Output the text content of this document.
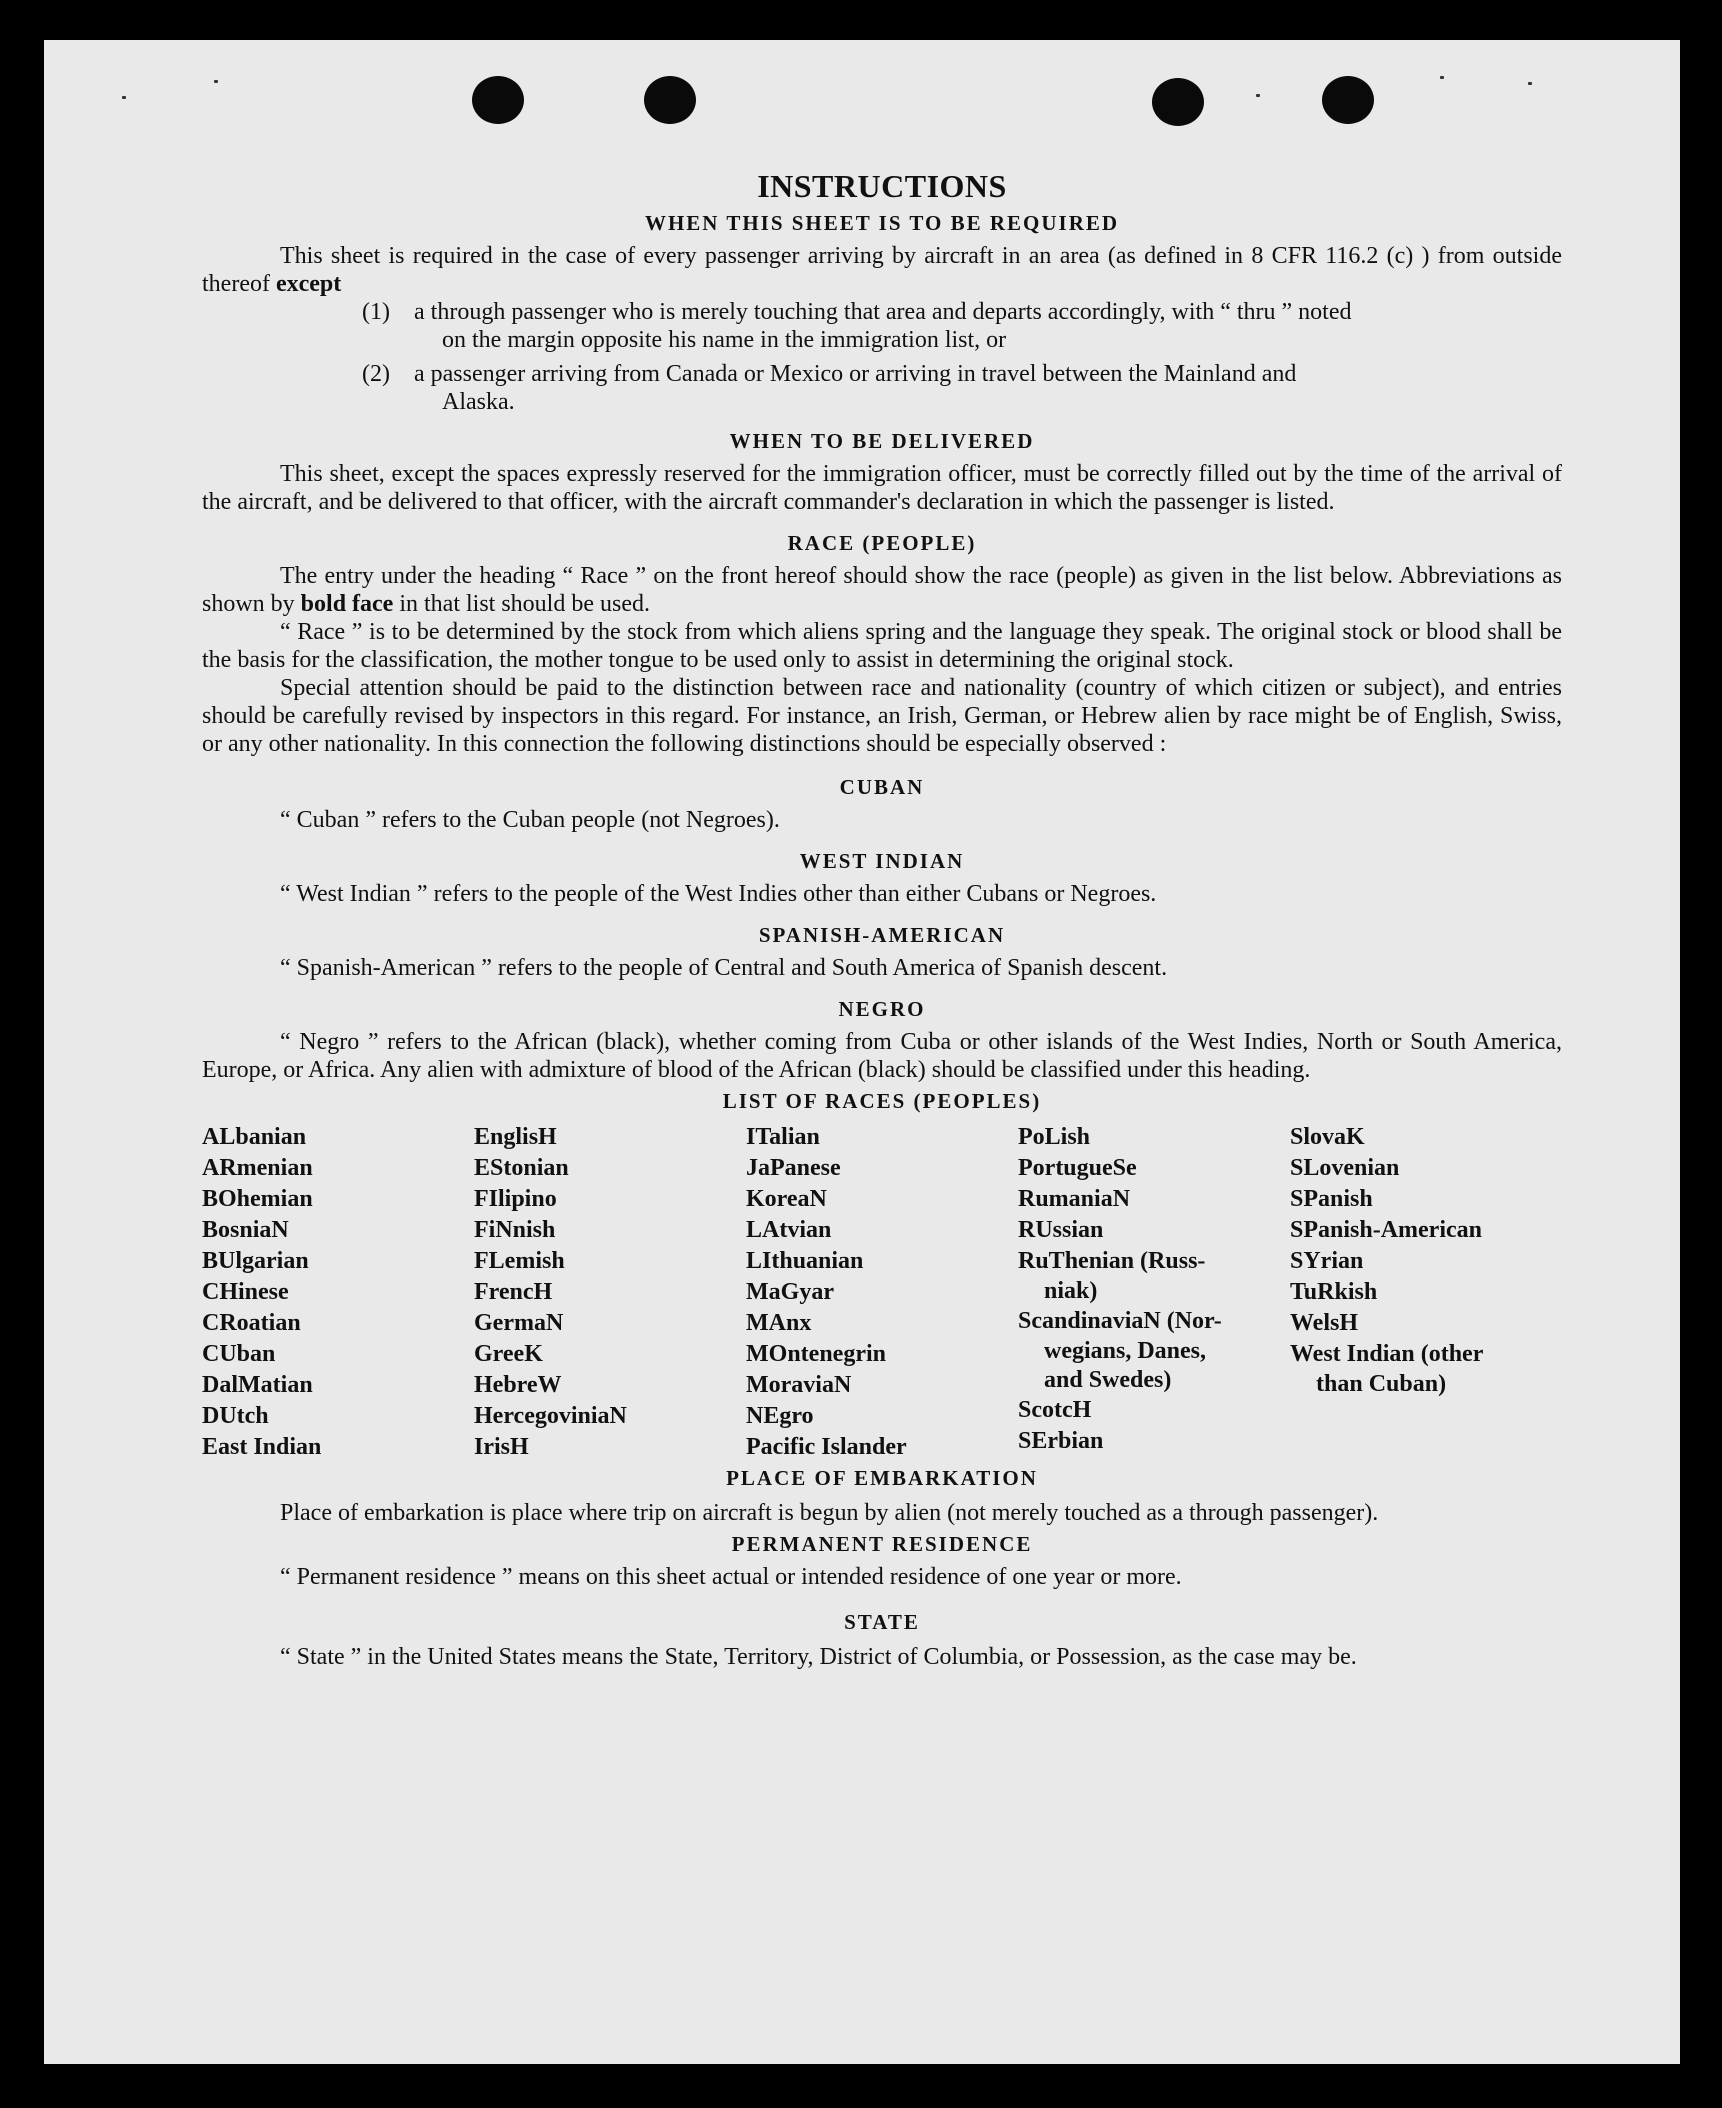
INSTRUCTIONS
WHEN THIS SHEET IS TO BE REQUIRED

This sheet is required in the case of every passenger arriving by aircraft in an area (as defined in 8 CFR 116.2 (c) ) from outside thereof except

(1)	a through passenger who is merely touching that area and departs accordingly, with “ thru ” noted
on the margin opposite his name in the immigration list, or
(2)	a passenger arriving from Canada or Mexico or arriving in travel between the Mainland and
Alaska.
WHEN TO BE DELIVERED

This sheet, except the spaces expressly reserved for the immigration officer, must be correctly filled out by the time of the arrival of the aircraft, and be delivered to that officer, with the aircraft commander's declaration in which the passenger is listed.

RACE (PEOPLE)

The entry under the heading “ Race ” on the front hereof should show the race (people) as given in the list below. Abbreviations as shown by bold face in that list should be used.

“ Race ” is to be determined by the stock from which aliens spring and the language they speak. The original stock or blood shall be the basis for the classification, the mother tongue to be used only to assist in determining the original stock.

Special attention should be paid to the distinction between race and nationality (country of which citizen or subject), and entries should be carefully revised by inspectors in this regard. For instance, an Irish, German, or Hebrew alien by race might be of English, Swiss, or any other nationality. In this connection the following distinctions should be especially observed :

CUBAN

“ Cuban ” refers to the Cuban people (not Negroes).

WEST INDIAN

“ West Indian ” refers to the people of the West Indies other than either Cubans or Negroes.

SPANISH-AMERICAN

“ Spanish-American ” refers to the people of Central and South America of Spanish descent.

NEGRO

“ Negro ” refers to the African (black), whether coming from Cuba or other islands of the West Indies, North or South America, Europe, or Africa. Any alien with admixture of blood of the African (black) should be classified under this heading.

LIST OF RACES (PEOPLES)
ALbanian
ARmenian
BOhemian
BosniaN
BUlgarian
CHinese
CRoatian
CUban
DalMatian
DUtch
East Indian
EnglisH
EStonian
FIlipino
FiNnish
FLemish
FrencH
GermaN
GreeK
HebreW
HercegoviniaN
IrisH
ITalian
JaPanese
KoreaN
LAtvian
LIthuanian
MaGyar
MAnx
MOntenegrin
MoraviaN
NEgro
Pacific Islander
PoLish
PortugueSe
RumaniaN
RUssian
RuThenian (Russ-
niak)
ScandinaviaN (Nor-
wegians, Danes,
and Swedes)
ScotcH
SErbian
SlovaK
SLovenian
SPanish
SPanish-American
SYrian
TuRkish
WelsH
West Indian (other
than Cuban)
PLACE OF EMBARKATION

Place of embarkation is place where trip on aircraft is begun by alien (not merely touched as a through passenger).

PERMANENT RESIDENCE

“ Permanent residence ” means on this sheet actual or intended residence of one year or more.

STATE

“ State ” in the United States means the State, Territory, District of Columbia, or Possession, as the case may be.
